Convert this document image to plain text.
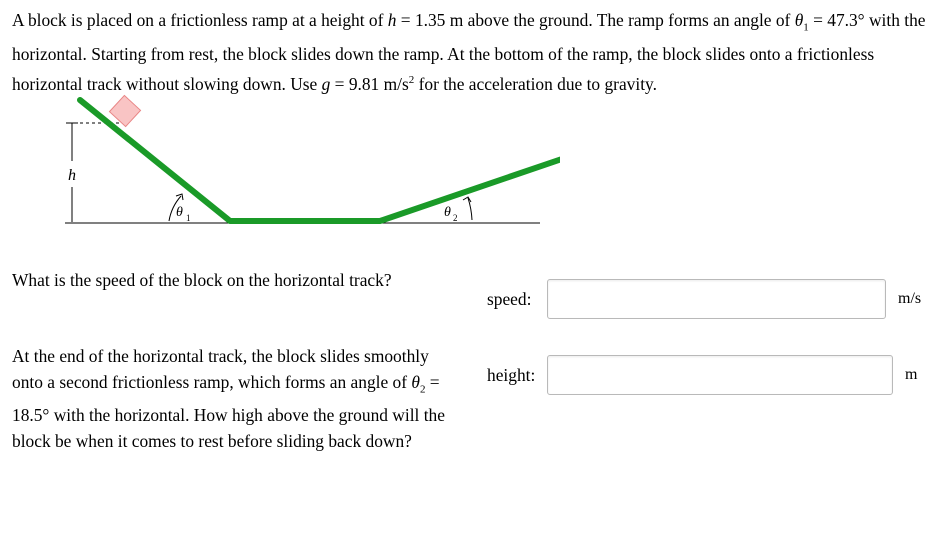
A block is placed on a frictionless ramp at a height of h = 1.35 m above the ground. The ramp forms an angle of $\theta_1 = 47.3^\circ$ with the horizontal. Starting from rest, the block slides down the ramp. At the bottom of the ramp, the block slides onto a frictionless horizontal track without slowing down. Use g = 9.81 $m/s^2$ for the acceleration due to gravity.
h
θ 1	θ 2
What is the speed of the block on the horizontal track?
speed:	m/s
At the end of the horizontal track, the block slides smoothly onto a second frictionless ramp, which forms an angle of $\theta_2 = 18.5^\circ$ with the horizontal. How high above the ground will the block be when it comes to rest before sliding back down?
height:	m
